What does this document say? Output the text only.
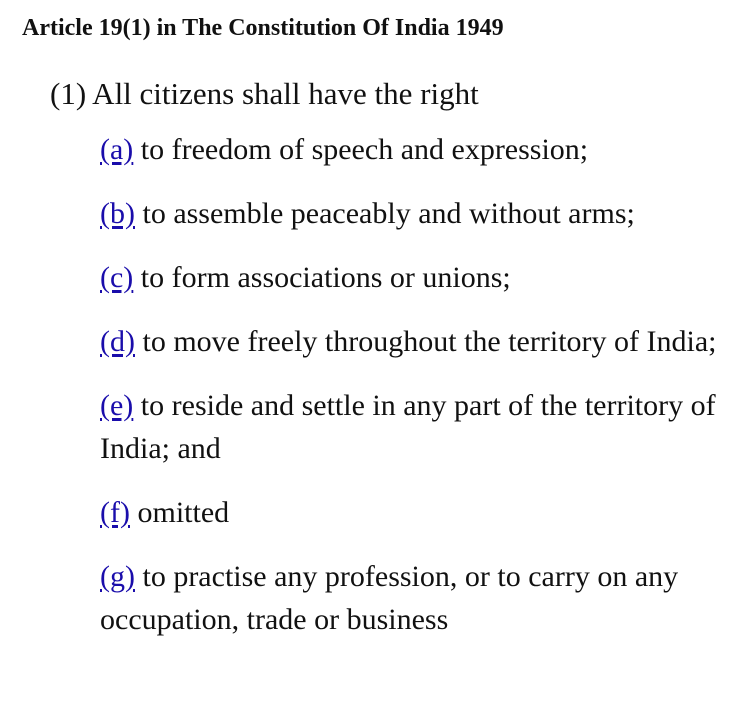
Article 19(1) in The Constitution Of India 1949
(1) All citizens shall have the right

(a) to freedom of speech and expression;

(b) to assemble peaceably and without arms;

(c) to form associations or unions;

(d) to move freely throughout the territory of India;

(e) to reside and settle in any part of the territory of India; and

(f) omitted

(g) to practise any profession, or to carry on any occupation, trade or business
